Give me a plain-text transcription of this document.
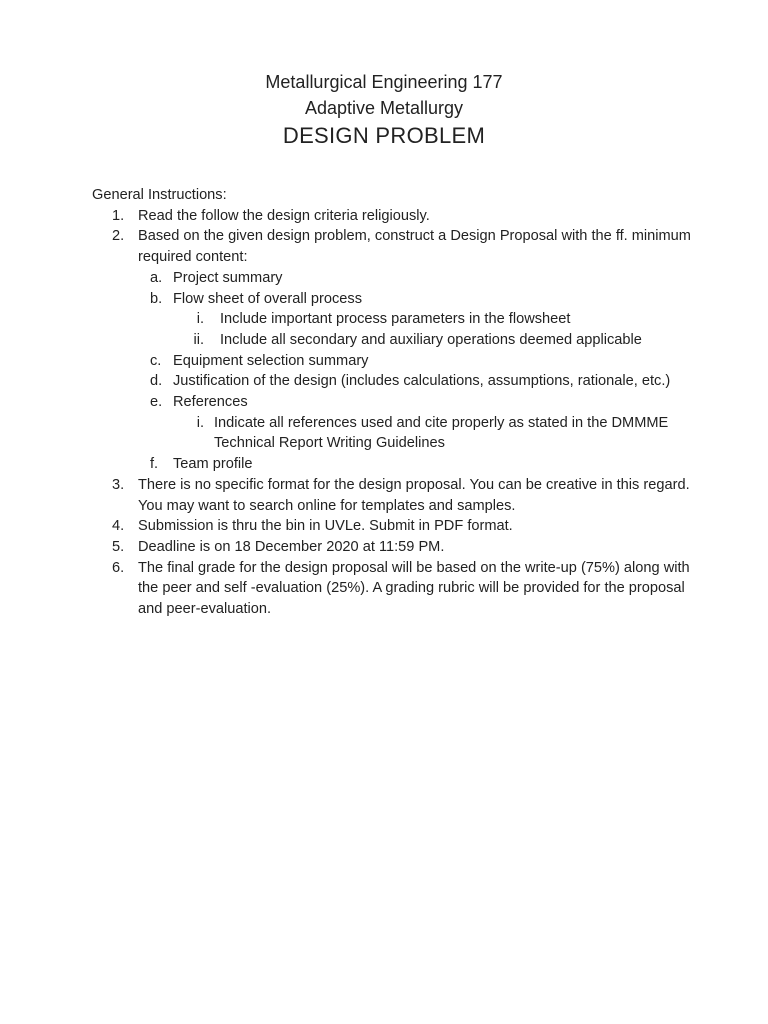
Metallurgical Engineering 177
Adaptive Metallurgy
DESIGN PROBLEM

General Instructions:

1. Read the follow the design criteria religiously.
2. Based on the given design problem, construct a Design Proposal with the ff. minimum required content:
a. Project summary
b. Flow sheet of overall process
i. Include important process parameters in the flowsheet
ii. Include all secondary and auxiliary operations deemed applicable
c. Equipment selection summary
d. Justification of the design (includes calculations, assumptions, rationale, etc.)
e. References
i. Indicate all references used and cite properly as stated in the DMMME Technical Report Writing Guidelines
f. Team profile
3. There is no specific format for the design proposal. You can be creative in this regard. You may want to search online for templates and samples.
4. Submission is thru the bin in UVLe. Submit in PDF format.
5. Deadline is on 18 December 2020 at 11:59 PM.
6. The final grade for the design proposal will be based on the write-up (75%) along with the peer and self -evaluation (25%). A grading rubric will be provided for the proposal and peer-evaluation.
